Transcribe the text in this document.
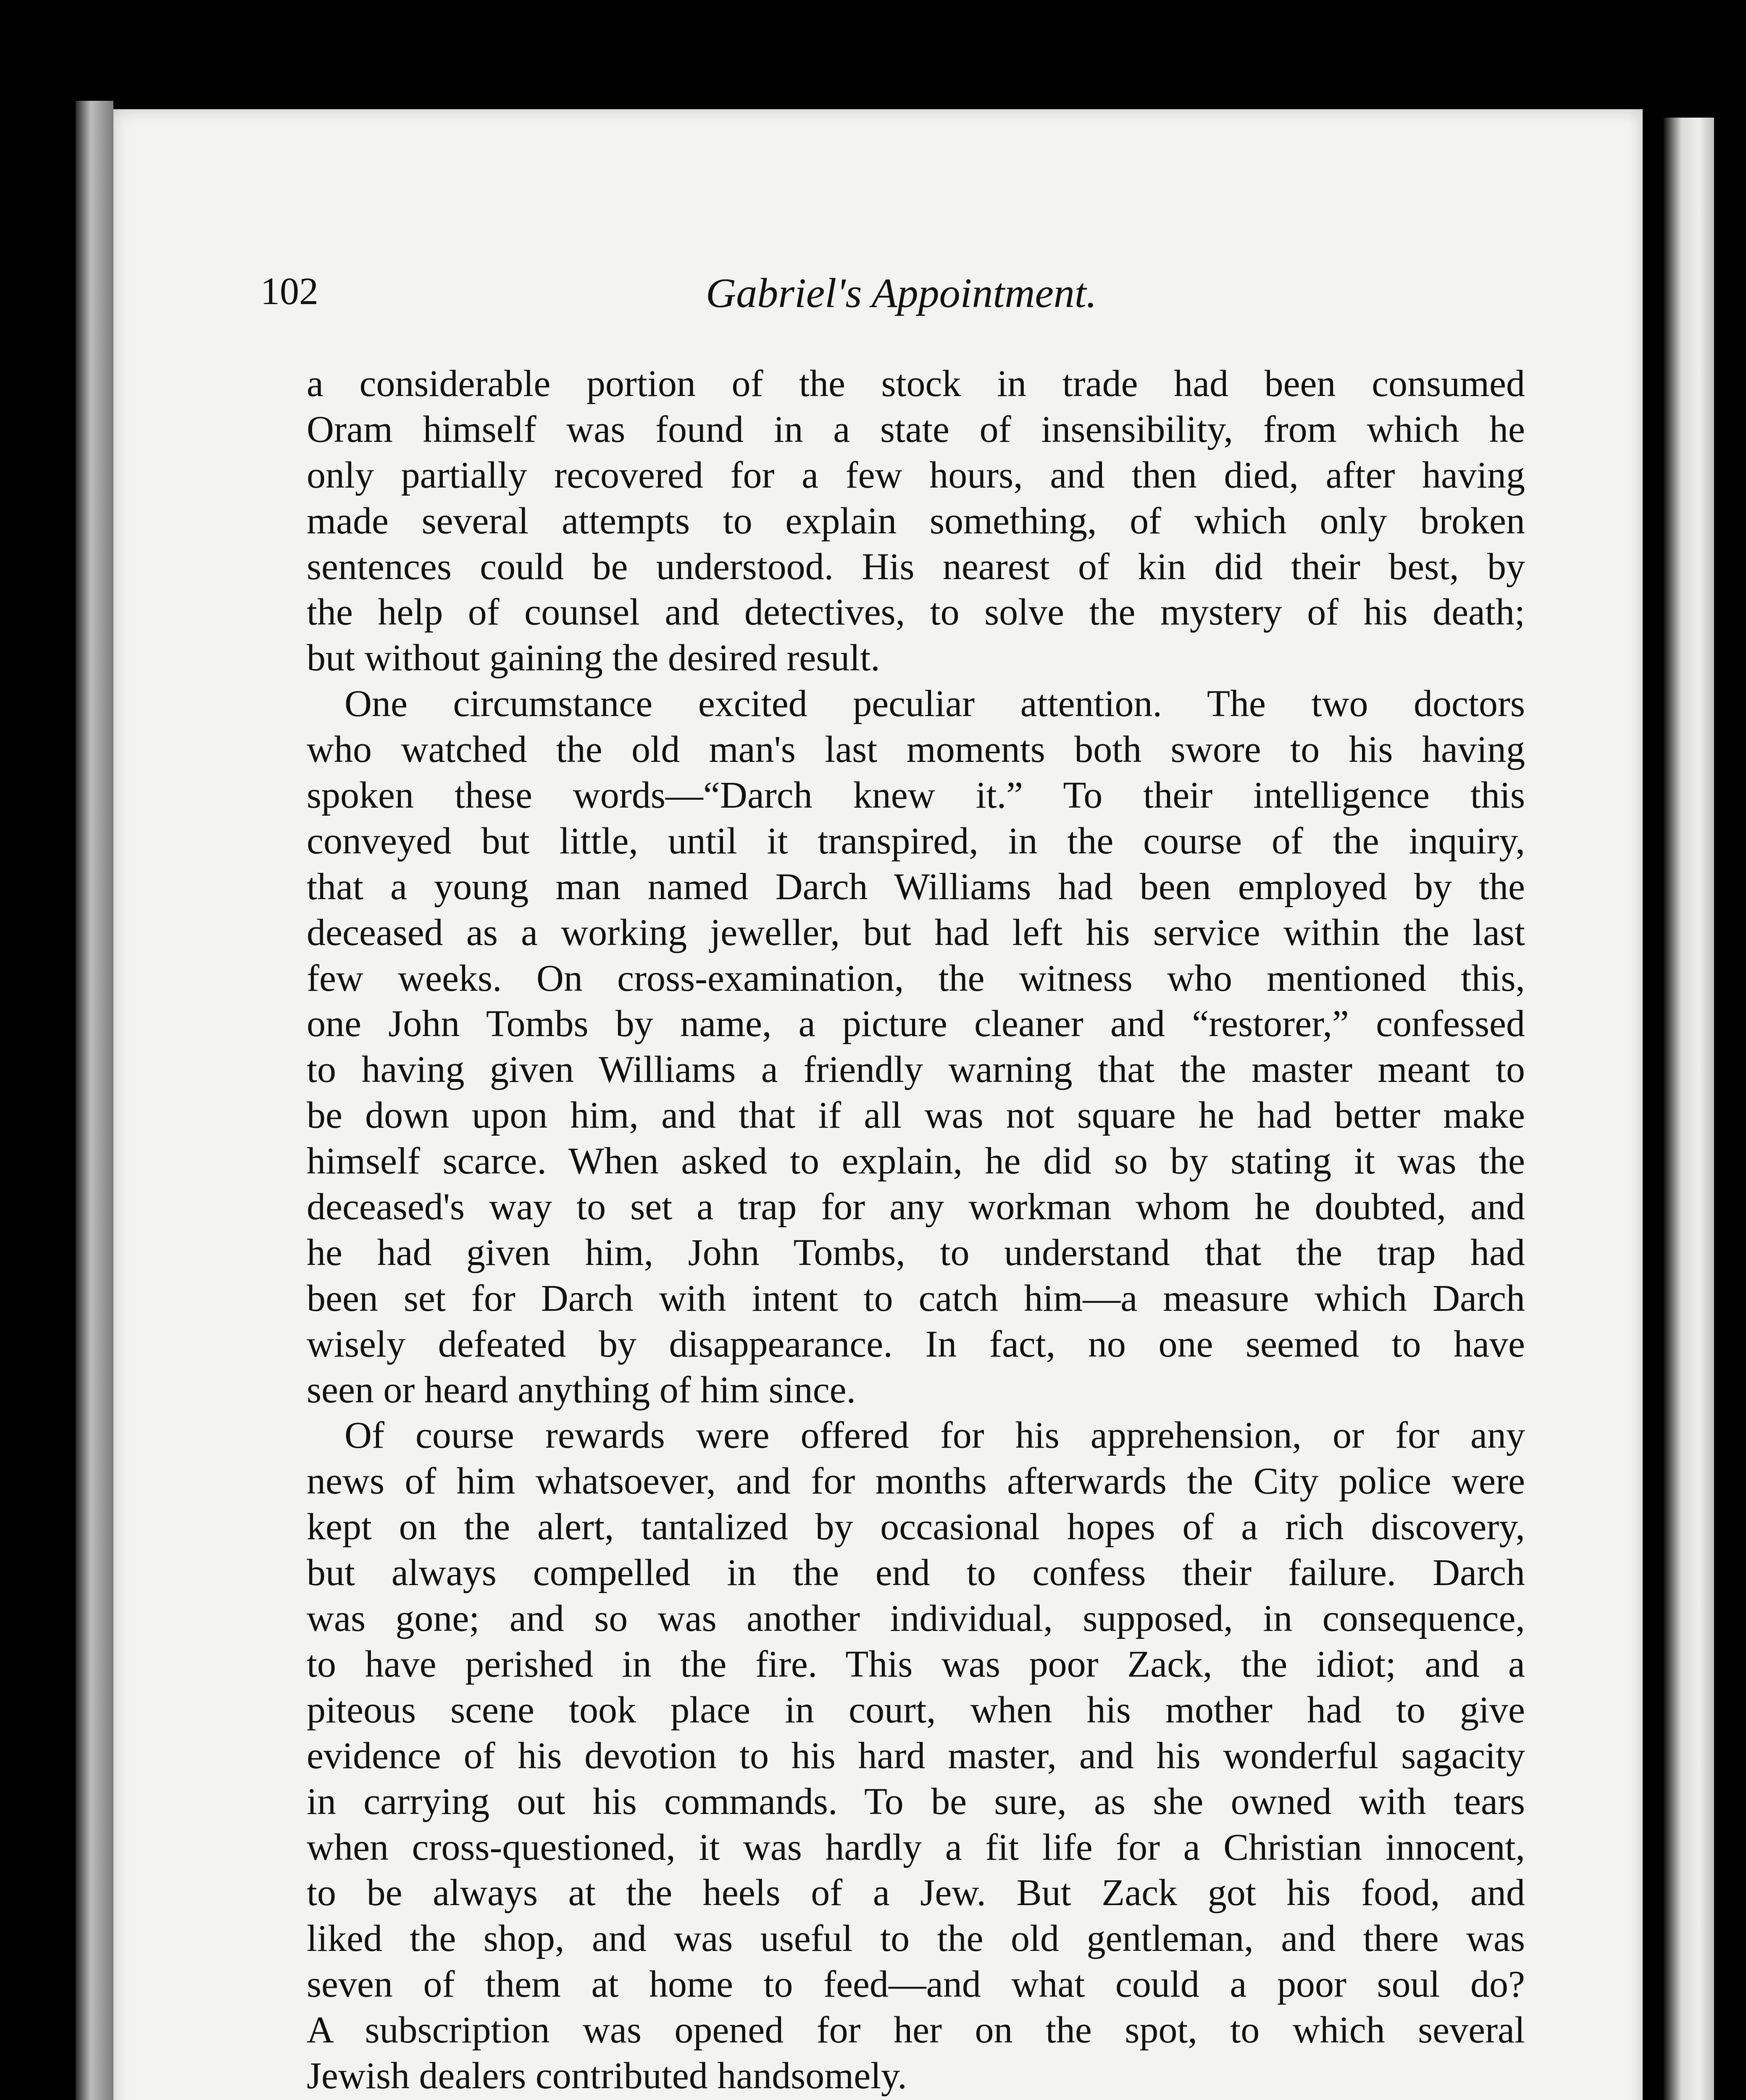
102	Gabriel's Appointment.
a considerable portion of the stock in trade had been consumed
Oram himself was found in a state of insensibility, from which he
only partially recovered for a few hours, and then died, after having
made several attempts to explain something, of which only broken
sentences could be understood. His nearest of kin did their best, by
the help of counsel and detectives, to solve the mystery of his death;
but without gaining the desired result.
One circumstance excited peculiar attention. The two doctors
who watched the old man's last moments both swore to his having
spoken these words—“Darch knew it.” To their intelligence this
conveyed but little, until it transpired, in the course of the inquiry,
that a young man named Darch Williams had been employed by the
deceased as a working jeweller, but had left his service within the last
few weeks. On cross-examination, the witness who mentioned this,
one John Tombs by name, a picture cleaner and “restorer,” confessed
to having given Williams a friendly warning that the master meant to
be down upon him, and that if all was not square he had better make
himself scarce. When asked to explain, he did so by stating it was the
deceased's way to set a trap for any workman whom he doubted, and
he had given him, John Tombs, to understand that the trap had
been set for Darch with intent to catch him—a measure which Darch
wisely defeated by disappearance. In fact, no one seemed to have
seen or heard anything of him since.
Of course rewards were offered for his apprehension, or for any
news of him whatsoever, and for months afterwards the City police were
kept on the alert, tantalized by occasional hopes of a rich discovery,
but always compelled in the end to confess their failure. Darch
was gone; and so was another individual, supposed, in consequence,
to have perished in the fire. This was poor Zack, the idiot; and a
piteous scene took place in court, when his mother had to give
evidence of his devotion to his hard master, and his wonderful sagacity
in carrying out his commands. To be sure, as she owned with tears
when cross-questioned, it was hardly a fit life for a Christian innocent,
to be always at the heels of a Jew. But Zack got his food, and
liked the shop, and was useful to the old gentleman, and there was
seven of them at home to feed—and what could a poor soul do?
A subscription was opened for her on the spot, to which several
Jewish dealers contributed handsomely.
